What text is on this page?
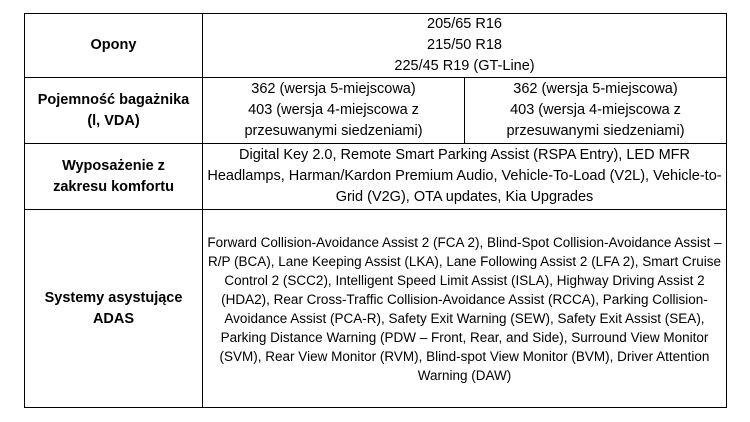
Opony	205/65 R16
215/50 R18
225/45 R19 (GT-Line)	

Pojemność bagażnika
(l, VDA)	362 (wersja 5-miejscowa)
403 (wersja 4-miejscowa z
przesuwanymi siedzeniami)	362 (wersja 5-miejscowa)
403 (wersja 4-miejscowa z
przesuwanymi siedzeniami)

Wyposażenie z
zakresu komfortu	Digital Key 2.0, Remote Smart Parking Assist (RSPA Entry), LED MFR Headlamps, Harman/Kardon Premium Audio, Vehicle-To-Load (V2L), Vehicle-to-Grid (V2G), OTA updates, Kia Upgrades	

Systemy asystujące
ADAS	Forward Collision-Avoidance Assist 2 (FCA 2), Blind-Spot Collision-Avoidance Assist – R/P (BCA), Lane Keeping Assist (LKA), Lane Following Assist 2 (LFA 2), Smart Cruise Control 2 (SCC2), Intelligent Speed Limit Assist (ISLA), Highway Driving Assist 2 (HDA2), Rear Cross-Traffic Collision-Avoidance Assist (RCCA), Parking Collision-Avoidance Assist (PCA-R), Safety Exit Warning (SEW), Safety Exit Assist (SEA), Parking Distance Warning (PDW – Front, Rear, and Side), Surround View Monitor (SVM), Rear View Monitor (RVM), Blind-spot View Monitor (BVM), Driver Attention Warning (DAW)	
